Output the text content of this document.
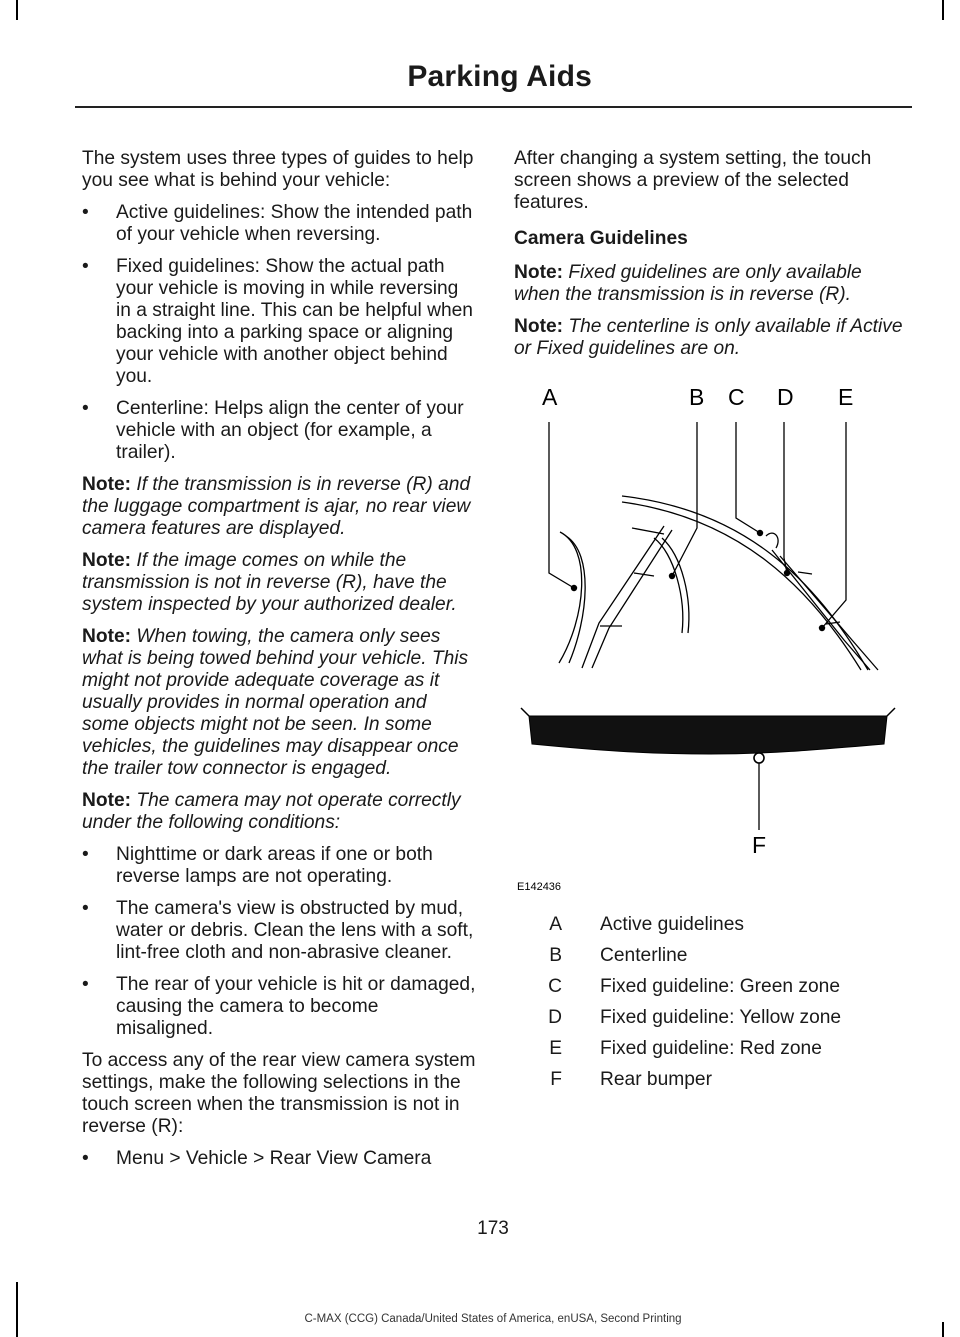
Parking Aids

The system uses three types of guides to help you see what is behind your vehicle:

•	Active guidelines: Show the intended path of your vehicle when reversing.
•	Fixed guidelines: Show the actual path your vehicle is moving in while reversing in a straight line. This can be helpful when backing into a parking space or aligning your vehicle with another object behind you.
•	Centerline: Helps align the center of your vehicle with an object (for example, a trailer).

Note: If the transmission is in reverse (R) and the luggage compartment is ajar, no rear view camera features are displayed.

Note: If the image comes on while the transmission is not in reverse (R), have the system inspected by your authorized dealer.

Note: When towing, the camera only sees what is being towed behind your vehicle. This might not provide adequate coverage as it usually provides in normal operation and some objects might not be seen. In some vehicles, the guidelines may disappear once the trailer tow connector is engaged.

Note: The camera may not operate correctly under the following conditions:

•	Nighttime or dark areas if one or both reverse lamps are not operating.
•	The camera's view is obstructed by mud, water or debris. Clean the lens with a soft, lint-free cloth and non-abrasive cleaner.
•	The rear of your vehicle is hit or damaged, causing the camera to become misaligned.

To access any of the rear view camera system settings, make the following selections in the touch screen when the transmission is not in reverse (R):

•	Menu > Vehicle > Rear View Camera

After changing a system setting, the touch screen shows a preview of the selected features.

Camera Guidelines

Note: Fixed guidelines are only available when the transmission is in reverse (R).

Note: The centerline is only available if Active or Fixed guidelines are on.

A	B C D E
F
E142436
A Active guidelines
B Centerline
C Fixed guideline: Green zone
D Fixed guideline: Yellow zone
E Fixed guideline: Red zone
F Rear bumper
173
C-MAX (CCG) Canada/United States of America, enUSA, Second Printing
